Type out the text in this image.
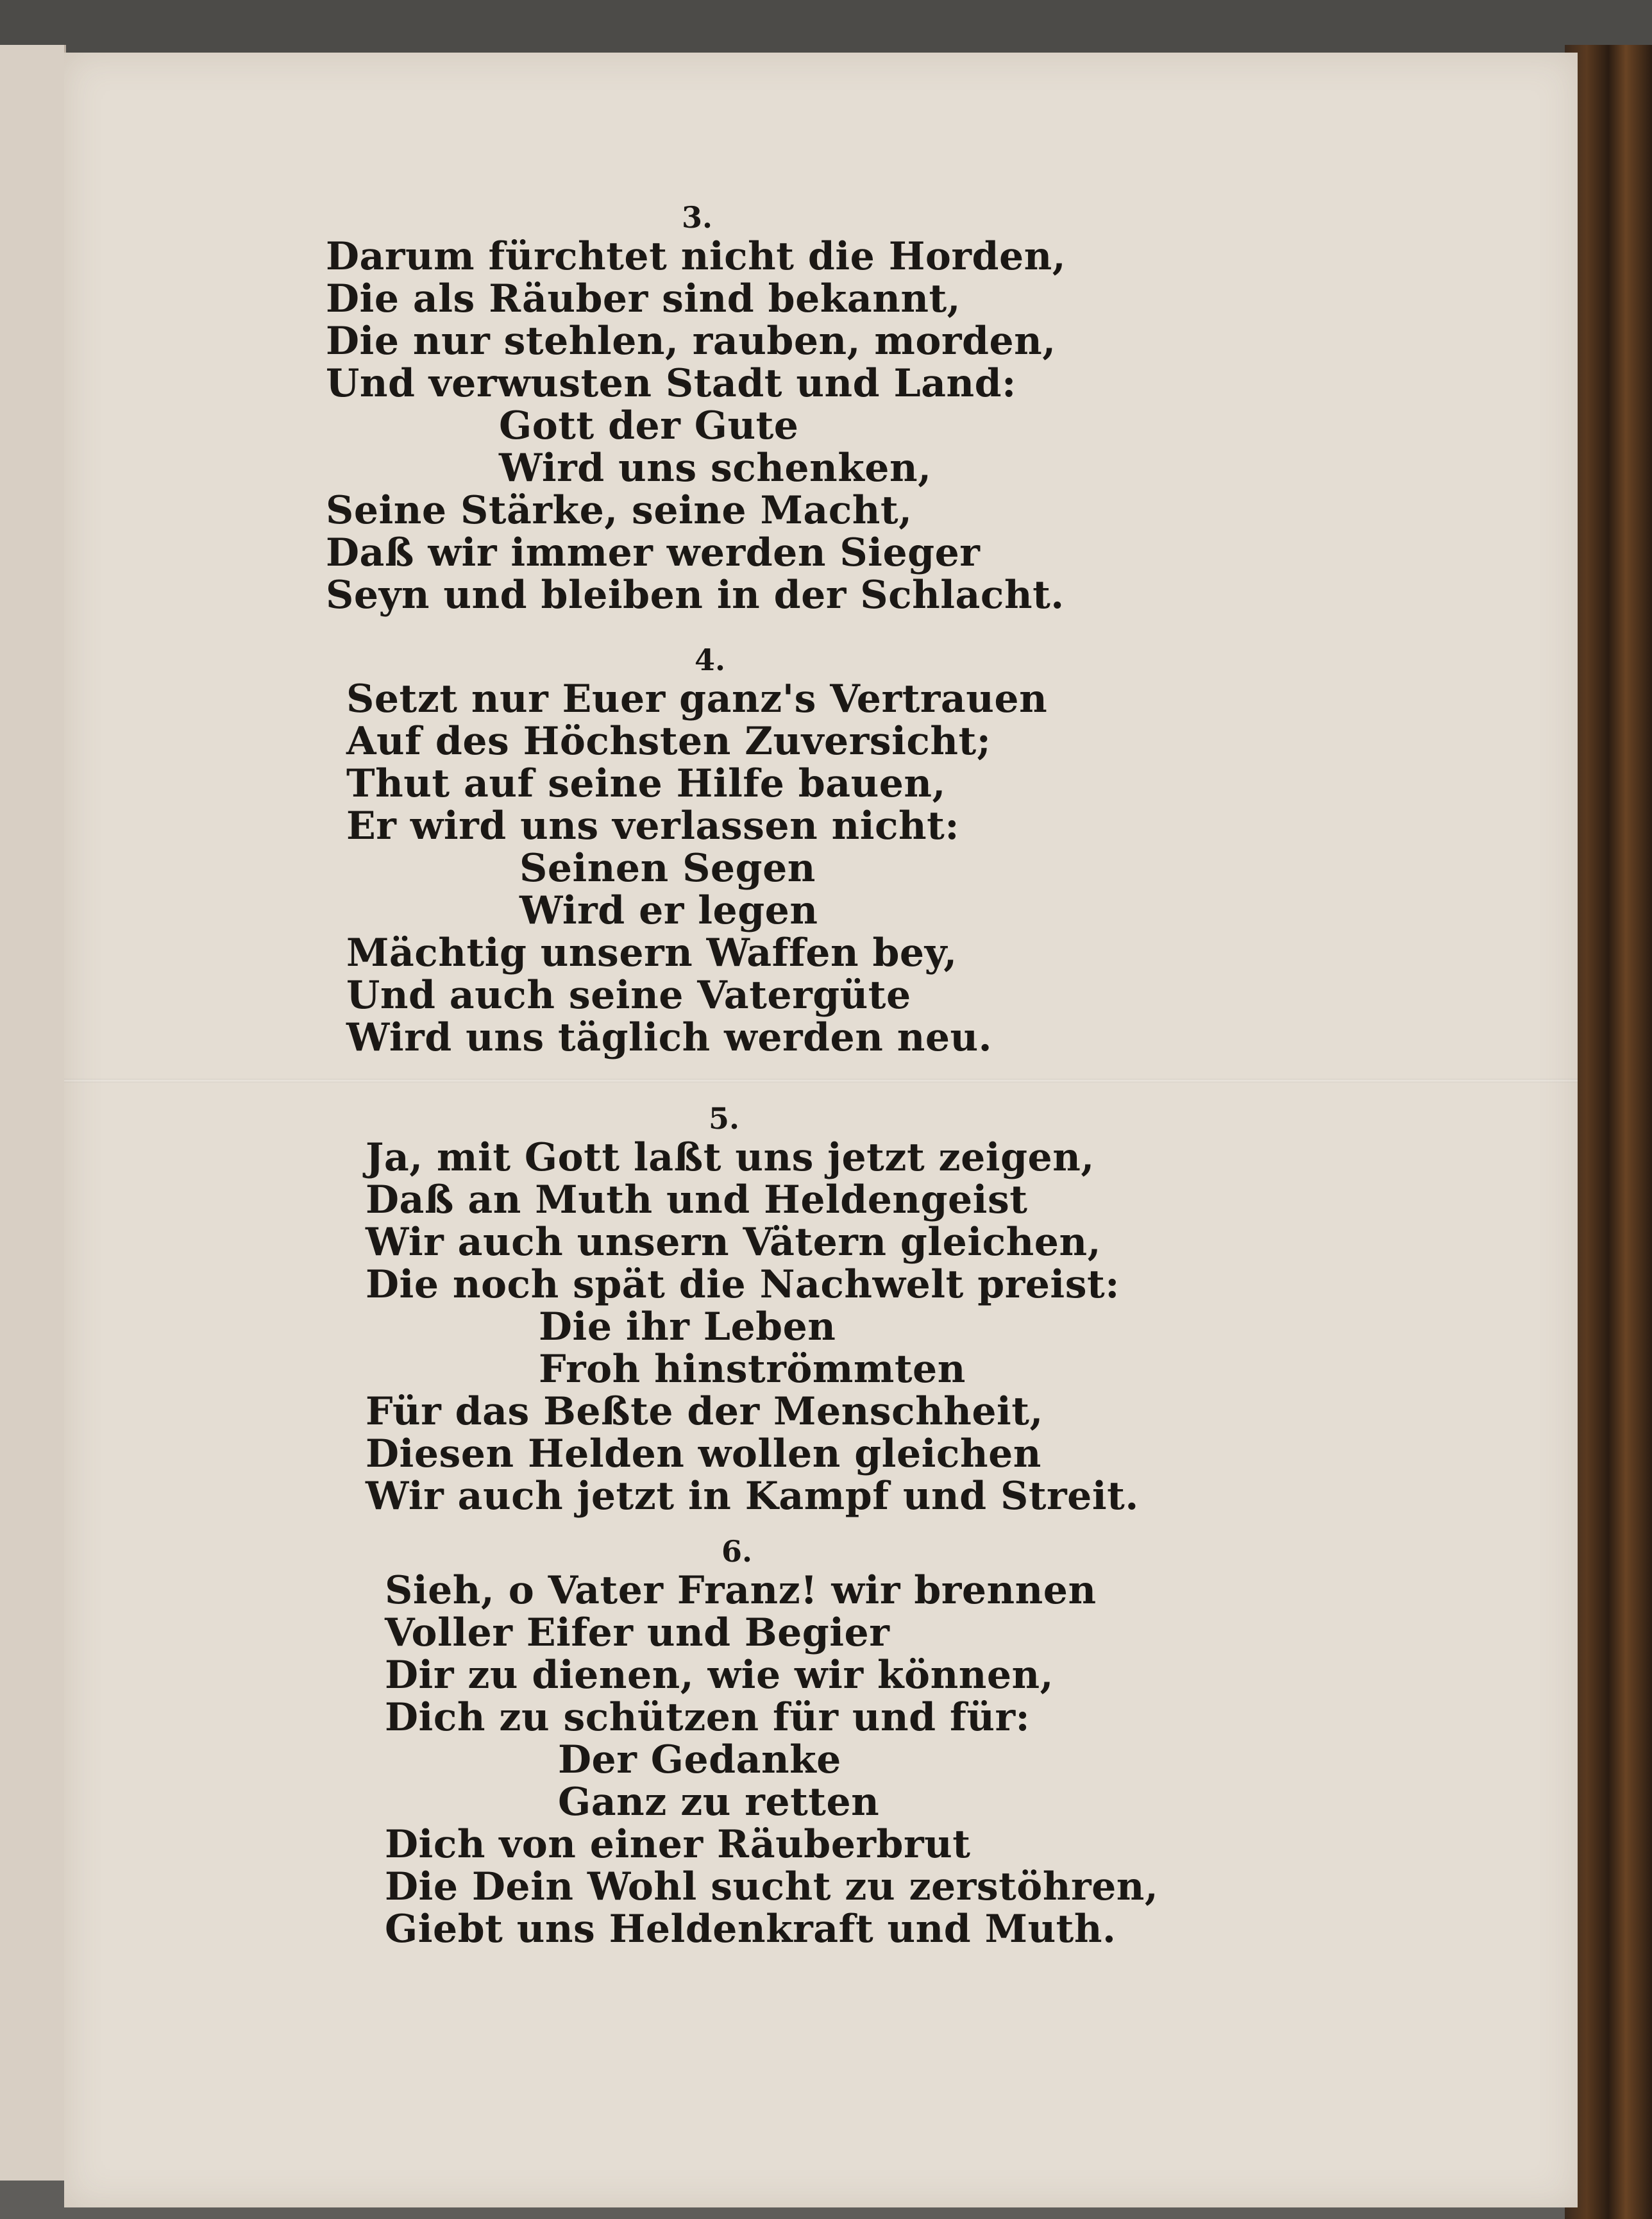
3.
Darum fürchtet nicht die Horden,
Die als Räuber sind bekannt,
Die nur stehlen, rauben, morden,
Und verwusten Stadt und Land:
Gott der Gute
Wird uns schenken,
Seine Stärke, seine Macht,
Daß wir immer werden Sieger
Seyn und bleiben in der Schlacht.
4.
Setzt nur Euer ganz's Vertrauen
Auf des Höchsten Zuversicht;
Thut auf seine Hilfe bauen,
Er wird uns verlassen nicht:
Seinen Segen
Wird er legen
Mächtig unsern Waffen bey,
Und auch seine Vatergüte
Wird uns täglich werden neu.
5.
Ja, mit Gott laßt uns jetzt zeigen,
Daß an Muth und Heldengeist
Wir auch unsern Vätern gleichen,
Die noch spät die Nachwelt preist:
Die ihr Leben
Froh hinströmmten
Für das Beßte der Menschheit,
Diesen Helden wollen gleichen
Wir auch jetzt in Kampf und Streit.
6.
Sieh, o Vater Franz! wir brennen
Voller Eifer und Begier
Dir zu dienen, wie wir können,
Dich zu schützen für und für:
Der Gedanke
Ganz zu retten
Dich von einer Räuberbrut
Die Dein Wohl sucht zu zerstöhren,
Giebt uns Heldenkraft und Muth.
